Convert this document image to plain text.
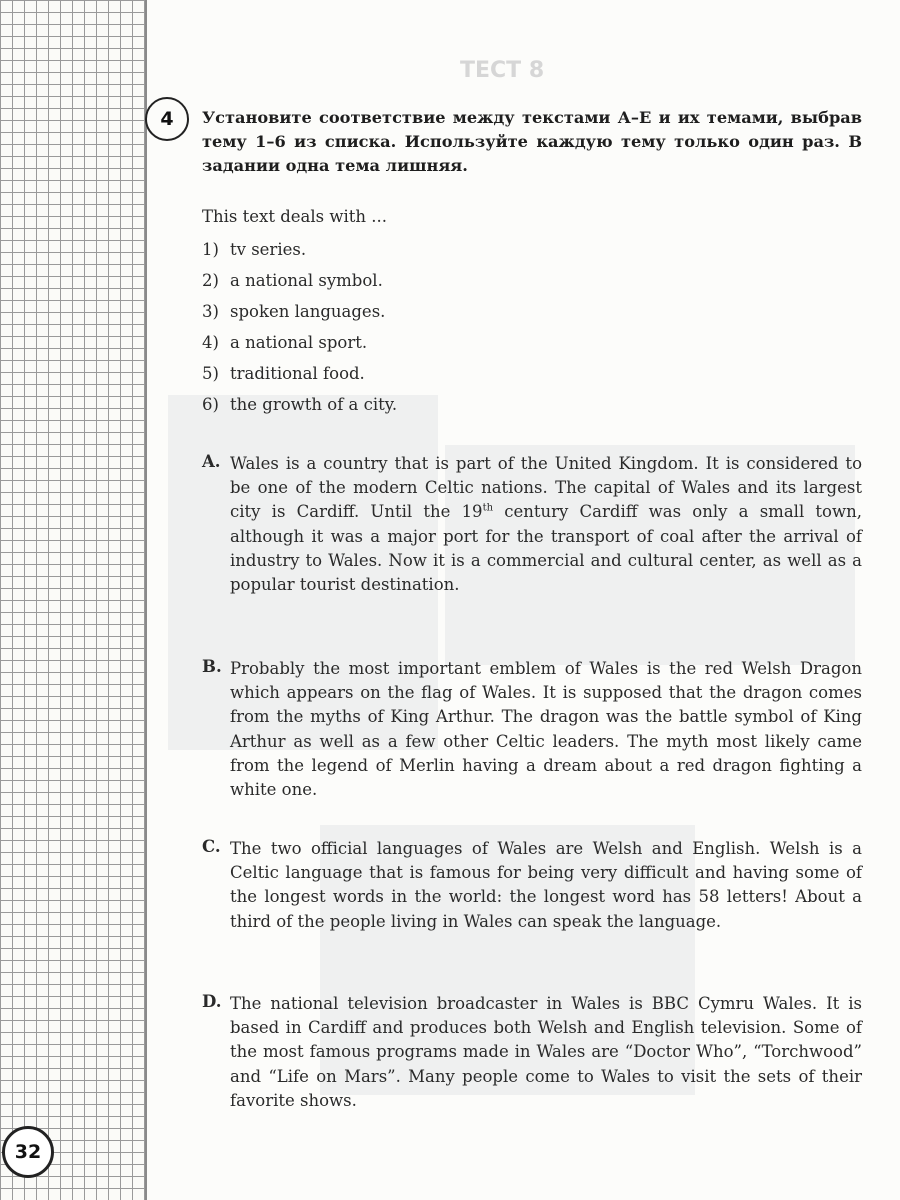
32
ТЕСТ 8
4	Установите соответствие между текстами А–Е и их темами, выбрав тему 1–6 из списка. Используйте каждую тему только один раз. В задании одна тема лишняя.
This text deals with ...
1) tv series.
2) a national symbol.
3) spoken languages.
4) a national sport.
5) traditional food.
6) the growth of a city.
A. Wales is a country that is part of the United Kingdom. It is considered to be one of the modern Celtic nations. The capital of Wales and its largest city is Cardiff. Until the 19th century Cardiff was only a small town, although it was a major port for the transport of coal after the arrival of industry to Wales. Now it is a commercial and cultural center, as well as a popular tourist destination.
B. Probably the most important emblem of Wales is the red Welsh Dragon which appears on the flag of Wales. It is supposed that the dragon comes from the myths of King Arthur. The dragon was the battle symbol of King Arthur as well as a few other Celtic leaders. The myth most likely came from the legend of Merlin having a dream about a red dragon fighting a white one.
C. The two official languages of Wales are Welsh and English. Welsh is a Celtic language that is famous for being very difficult and having some of the longest words in the world: the longest word has 58 letters! About a third of the people living in Wales can speak the language.
D. The national television broadcaster in Wales is BBC Cymru Wales. It is based in Cardiff and produces both Welsh and English television. Some of the most famous programs made in Wales are “Doctor Who”, “Torchwood” and “Life on Mars”. Many people come to Wales to visit the sets of their favorite shows.
